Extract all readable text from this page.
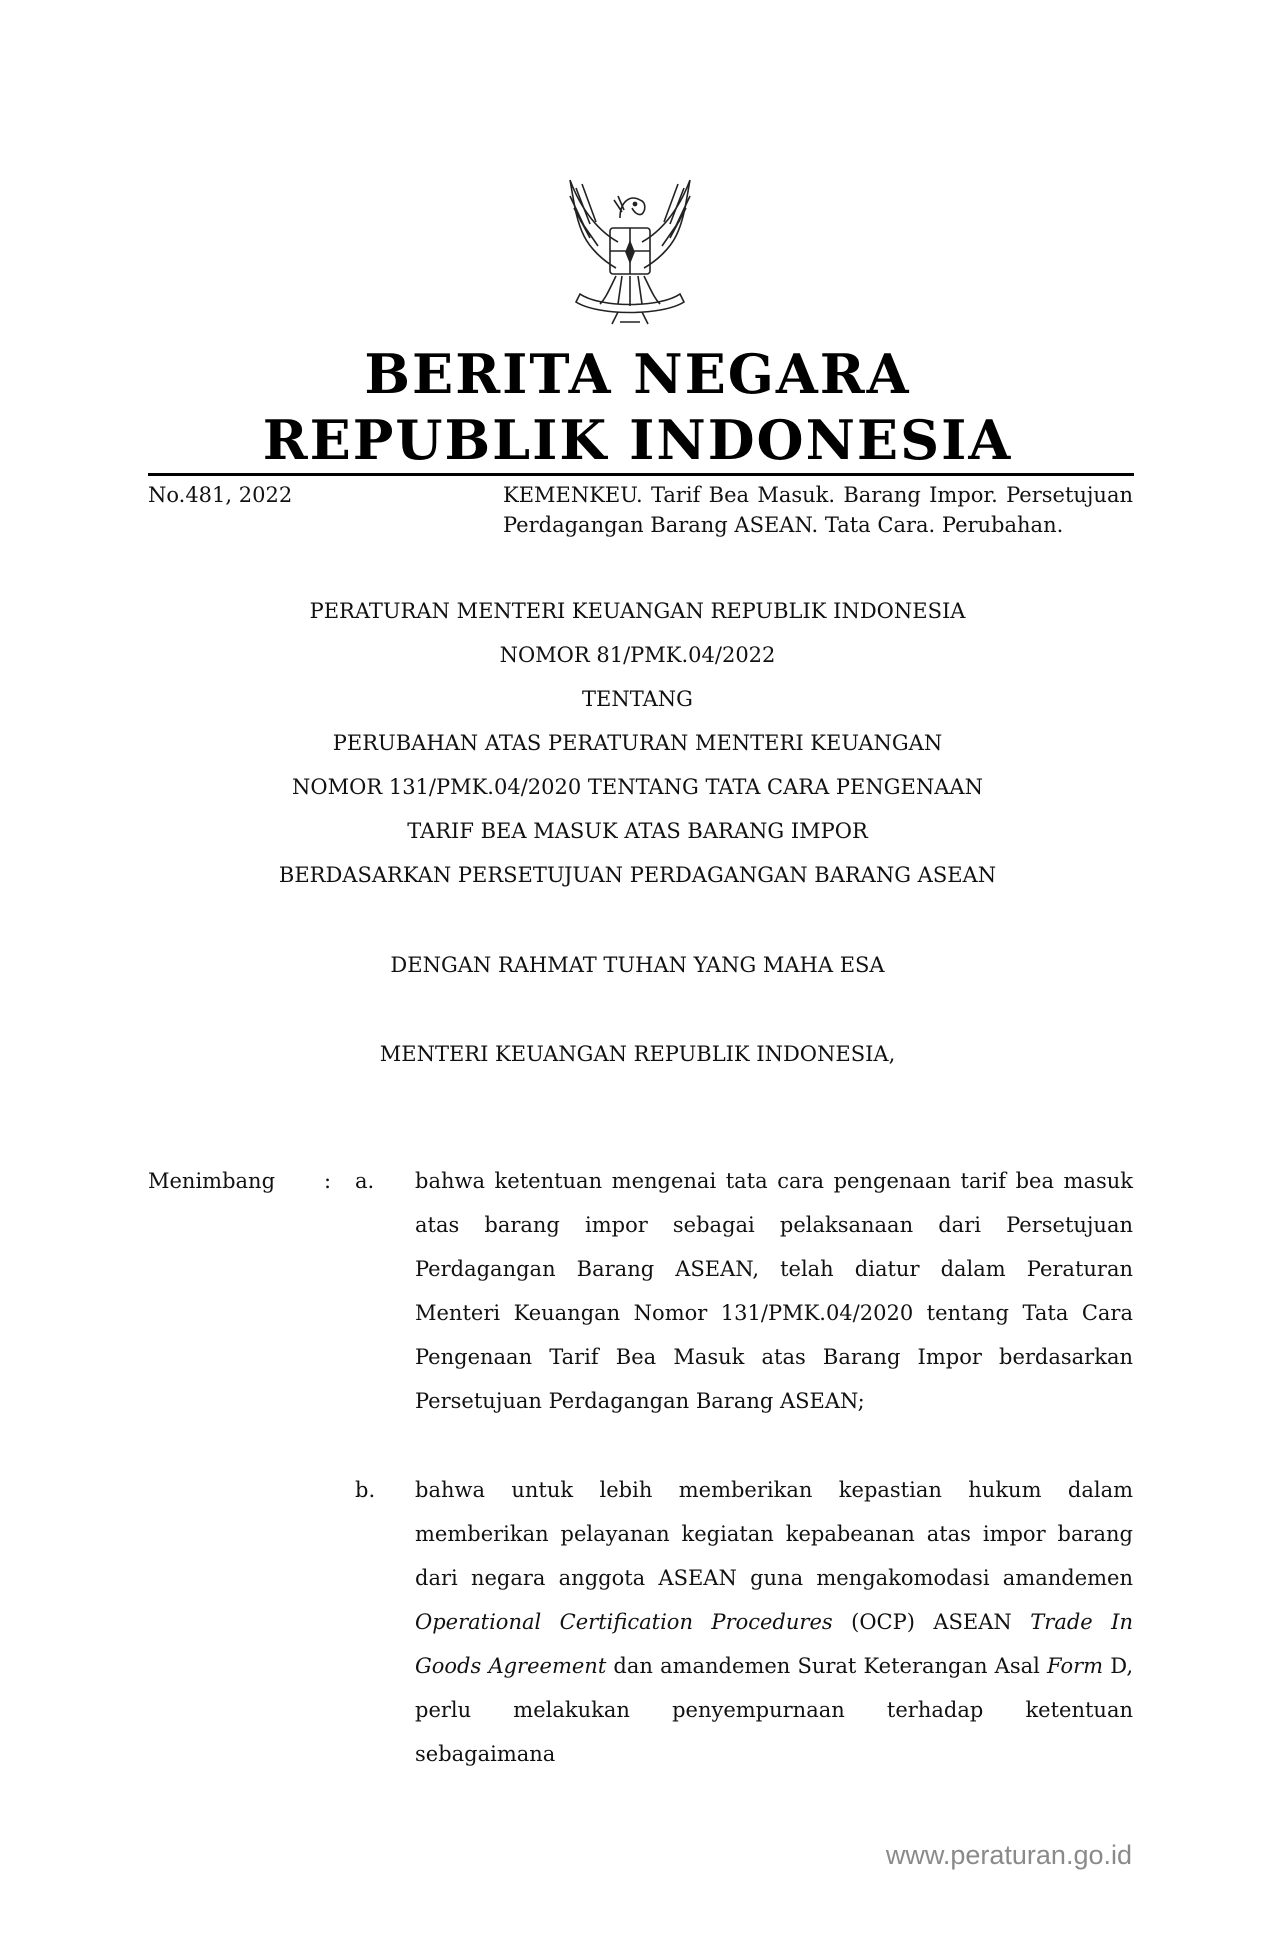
BERITA NEGARA
REPUBLIK INDONESIA
No.481, 2022	KEMENKEU. Tarif Bea Masuk. Barang Impor. Persetujuan Perdagangan Barang ASEAN. Tata Cara. Perubahan.
PERATURAN MENTERI KEUANGAN REPUBLIK INDONESIA
NOMOR 81/PMK.04/2022
TENTANG
PERUBAHAN ATAS PERATURAN MENTERI KEUANGAN
NOMOR 131/PMK.04/2020 TENTANG TATA CARA PENGENAAN
TARIF BEA MASUK ATAS BARANG IMPOR
BERDASARKAN PERSETUJUAN PERDAGANGAN BARANG ASEAN
DENGAN RAHMAT TUHAN YANG MAHA ESA
MENTERI KEUANGAN REPUBLIK INDONESIA,
Menimbang : a. bahwa ketentuan mengenai tata cara pengenaan tarif bea masuk atas barang impor sebagai pelaksanaan dari Persetujuan Perdagangan Barang ASEAN, telah diatur dalam Peraturan Menteri Keuangan Nomor 131/PMK.04/2020 tentang Tata Cara Pengenaan Tarif Bea Masuk atas Barang Impor berdasarkan Persetujuan Perdagangan Barang ASEAN;
b. bahwa untuk lebih memberikan kepastian hukum dalam memberikan pelayanan kegiatan kepabeanan atas impor barang dari negara anggota ASEAN guna mengakomodasi amandemen Operational Certification Procedures (OCP) ASEAN Trade In Goods Agreement dan amandemen Surat Keterangan Asal Form D, perlu melakukan penyempurnaan terhadap ketentuan sebagaimana
www.peraturan.go.id
